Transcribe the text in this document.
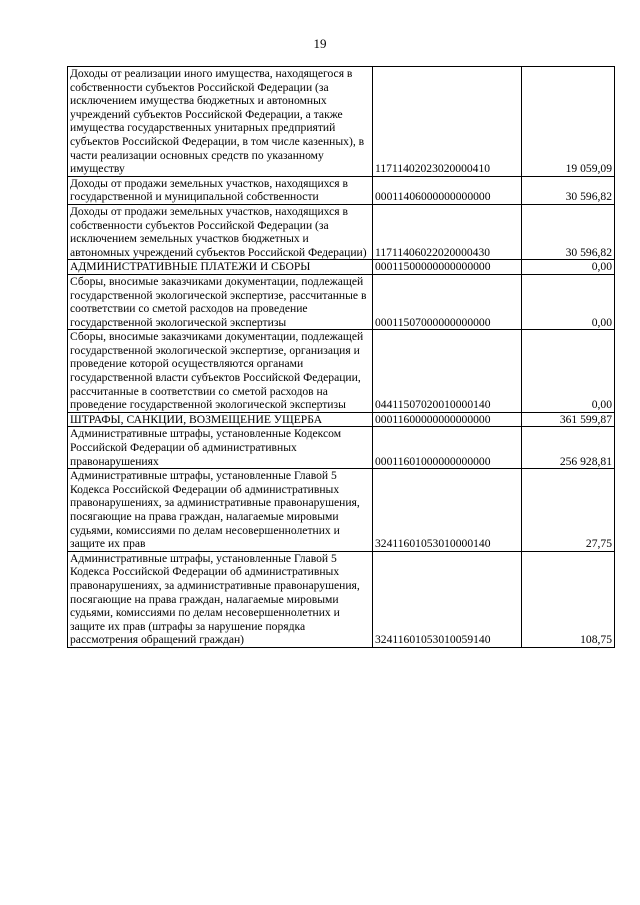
19
Доходы от реализации иного имущества, находящегося в собственности субъектов Российской Федерации (за исключением имущества бюджетных и автономных учреждений субъектов Российской Федерации, а также имущества государственных унитарных предприятий субъектов Российской Федерации, в том числе казенных), в части реализации основных средств по указанному имуществу	11711402023020000410	19 059,09
Доходы от продажи земельных участков, находящихся в государственной и муниципальной собственности	00011406000000000000	30 596,82
Доходы от продажи земельных участков, находящихся в собственности субъектов Российской Федерации (за исключением земельных участков бюджетных и автономных учреждений субъектов Российской Федерации)	11711406022020000430	30 596,82
АДМИНИСТРАТИВНЫЕ ПЛАТЕЖИ И СБОРЫ	00011500000000000000	0,00
Сборы, вносимые заказчиками документации, подлежащей государственной экологической экспертизе, рассчитанные в соответствии со сметой расходов на проведение государственной экологической экспертизы	00011507000000000000	0,00
Сборы, вносимые заказчиками документации, подлежащей государственной экологической экспертизе, организация и проведение которой осуществляются органами государственной власти субъектов Российской Федерации, рассчитанные в соответствии со сметой расходов на проведение государственной экологической экспертизы	04411507020010000140	0,00
ШТРАФЫ, САНКЦИИ, ВОЗМЕЩЕНИЕ УЩЕРБА	00011600000000000000	361 599,87
Административные штрафы, установленные Кодексом Российской Федерации об административных правонарушениях	00011601000000000000	256 928,81
Административные штрафы, установленные Главой 5 Кодекса Российской Федерации об административных правонарушениях, за административные правонарушения, посягающие на права граждан, налагаемые мировыми судьями, комиссиями по делам несовершеннолетних и защите их прав	32411601053010000140	27,75
Административные штрафы, установленные Главой 5 Кодекса Российской Федерации об административных правонарушениях, за административные правонарушения, посягающие на права граждан, налагаемые мировыми судьями, комиссиями по делам несовершеннолетних и защите их прав (штрафы за нарушение порядка рассмотрения обращений граждан)	32411601053010059140	108,75
